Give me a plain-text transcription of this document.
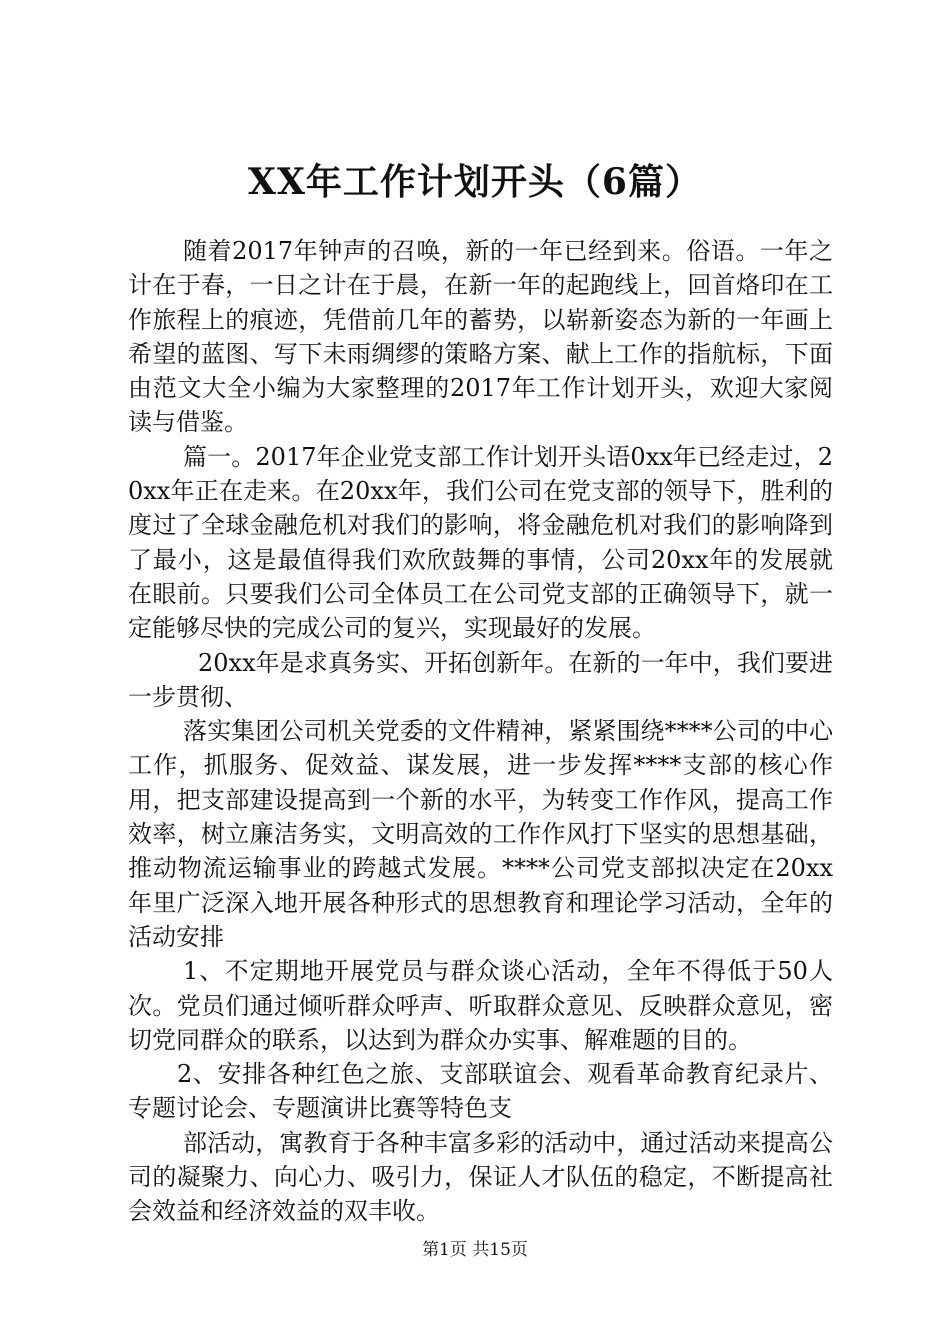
XX年工作计划开头（6篇）

随着2017年钟声的召唤，新的一年已经到来。俗语。一年之计在于春，一日之计在于晨，在新一年的起跑线上，回首烙印在工作旅程上的痕迹，凭借前几年的蓄势，以崭新姿态为新的一年画上希望的蓝图、写下未雨绸缪的策略方案、献上工作的指航标，下面由范文大全小编为大家整理的2017年工作计划开头，欢迎大家阅读与借鉴。

篇一。2017年企业党支部工作计划开头语0xx年已经走过，20xx年正在走来。在20xx年，我们公司在党支部的领导下，胜利的度过了全球金融危机对我们的影响，将金融危机对我们的影响降到了最小，这是最值得我们欢欣鼓舞的事情，公司20xx年的发展就在眼前。只要我们公司全体员工在公司党支部的正确领导下，就一定能够尽快的完成公司的复兴，实现最好的发展。

20xx年是求真务实、开拓创新年。在新的一年中，我们要进一步贯彻、

落实集团公司机关党委的文件精神，紧紧围绕****公司的中心工作，抓服务、促效益、谋发展，进一步发挥****支部的核心作用，把支部建设提高到一个新的水平，为转变工作作风，提高工作效率，树立廉洁务实，文明高效的工作作风打下坚实的思想基础，推动物流运输事业的跨越式发展。****公司党支部拟决定在20xx年里广泛深入地开展各种形式的思想教育和理论学习活动，全年的活动安排

1、不定期地开展党员与群众谈心活动，全年不得低于50人次。党员们通过倾听群众呼声、听取群众意见、反映群众意见，密切党同群众的联系，以达到为群众办实事、解难题的目的。

2、安排各种红色之旅、支部联谊会、观看革命教育纪录片、专题讨论会、专题演讲比赛等特色支

部活动，寓教育于各种丰富多彩的活动中，通过活动来提高公司的凝聚力、向心力、吸引力，保证人才队伍的稳定，不断提高社会效益和经济效益的双丰收。

第1页 共15页
